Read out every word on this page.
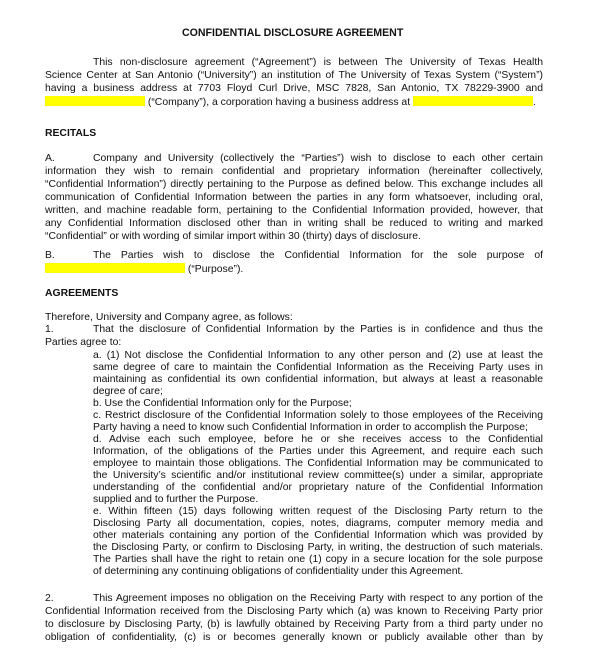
CONFIDENTIAL DISCLOSURE AGREEMENT
This non-disclosure agreement (“Agreement”) is between The University of Texas Health
Science Center at San Antonio (“University”) an institution of The University of Texas System (“System”)
having a business address at 7703 Floyd Curl Drive, MSC 7828, San Antonio, TX 78229-3900 and
(“Company”), a corporation having a business address at	.
RECITALS
A.	Company and University (collectively the “Parties”) wish to disclose to each other certain
information they wish to remain confidential and proprietary information (hereinafter collectively,
“Confidential Information”) directly pertaining to the Purpose as defined below. This exchange includes all
communication of Confidential Information between the parties in any form whatsoever, including oral,
written, and machine readable form, pertaining to the Confidential Information provided, however, that
any Confidential Information disclosed other than in writing shall be reduced to writing and marked
“Confidential” or with wording of similar import within 30 (thirty) days of disclosure.
B.	The Parties wish to disclose the Confidential Information for the sole purpose of
(“Purpose”).
AGREEMENTS
Therefore, University and Company agree, as follows:
1.	That the disclosure of Confidential Information by the Parties is in confidence and thus the
Parties agree to:
a. (1) Not disclose the Confidential Information to any other person and (2) use at least the
same degree of care to maintain the Confidential Information as the Receiving Party uses in
maintaining as confidential its own confidential information, but always at least a reasonable
degree of care;
b. Use the Confidential Information only for the Purpose;
c. Restrict disclosure of the Confidential Information solely to those employees of the Receiving
Party having a need to know such Confidential Information in order to accomplish the Purpose;
d. Advise each such employee, before he or she receives access to the Confidential
Information, of the obligations of the Parties under this Agreement, and require each such
employee to maintain those obligations. The Confidential Information may be communicated to
the University’s scientific and/or institutional review committee(s) under a similar, appropriate
understanding of the confidential and/or proprietary nature of the Confidential Information
supplied and to further the Purpose.
e. Within fifteen (15) days following written request of the Disclosing Party return to the
Disclosing Party all documentation, copies, notes, diagrams, computer memory media and
other materials containing any portion of the Confidential Information which was provided by
the Disclosing Party, or confirm to Disclosing Party, in writing, the destruction of such materials.
The Parties shall have the right to retain one (1) copy in a secure location for the sole purpose
of determining any continuing obligations of confidentiality under this Agreement.
2.	This Agreement imposes no obligation on the Receiving Party with respect to any portion of the
Confidential Information received from the Disclosing Party which (a) was known to Receiving Party prior
to disclosure by Disclosing Party, (b) is lawfully obtained by Receiving Party from a third party under no
obligation of confidentiality, (c) is or becomes generally known or publicly available other than by
